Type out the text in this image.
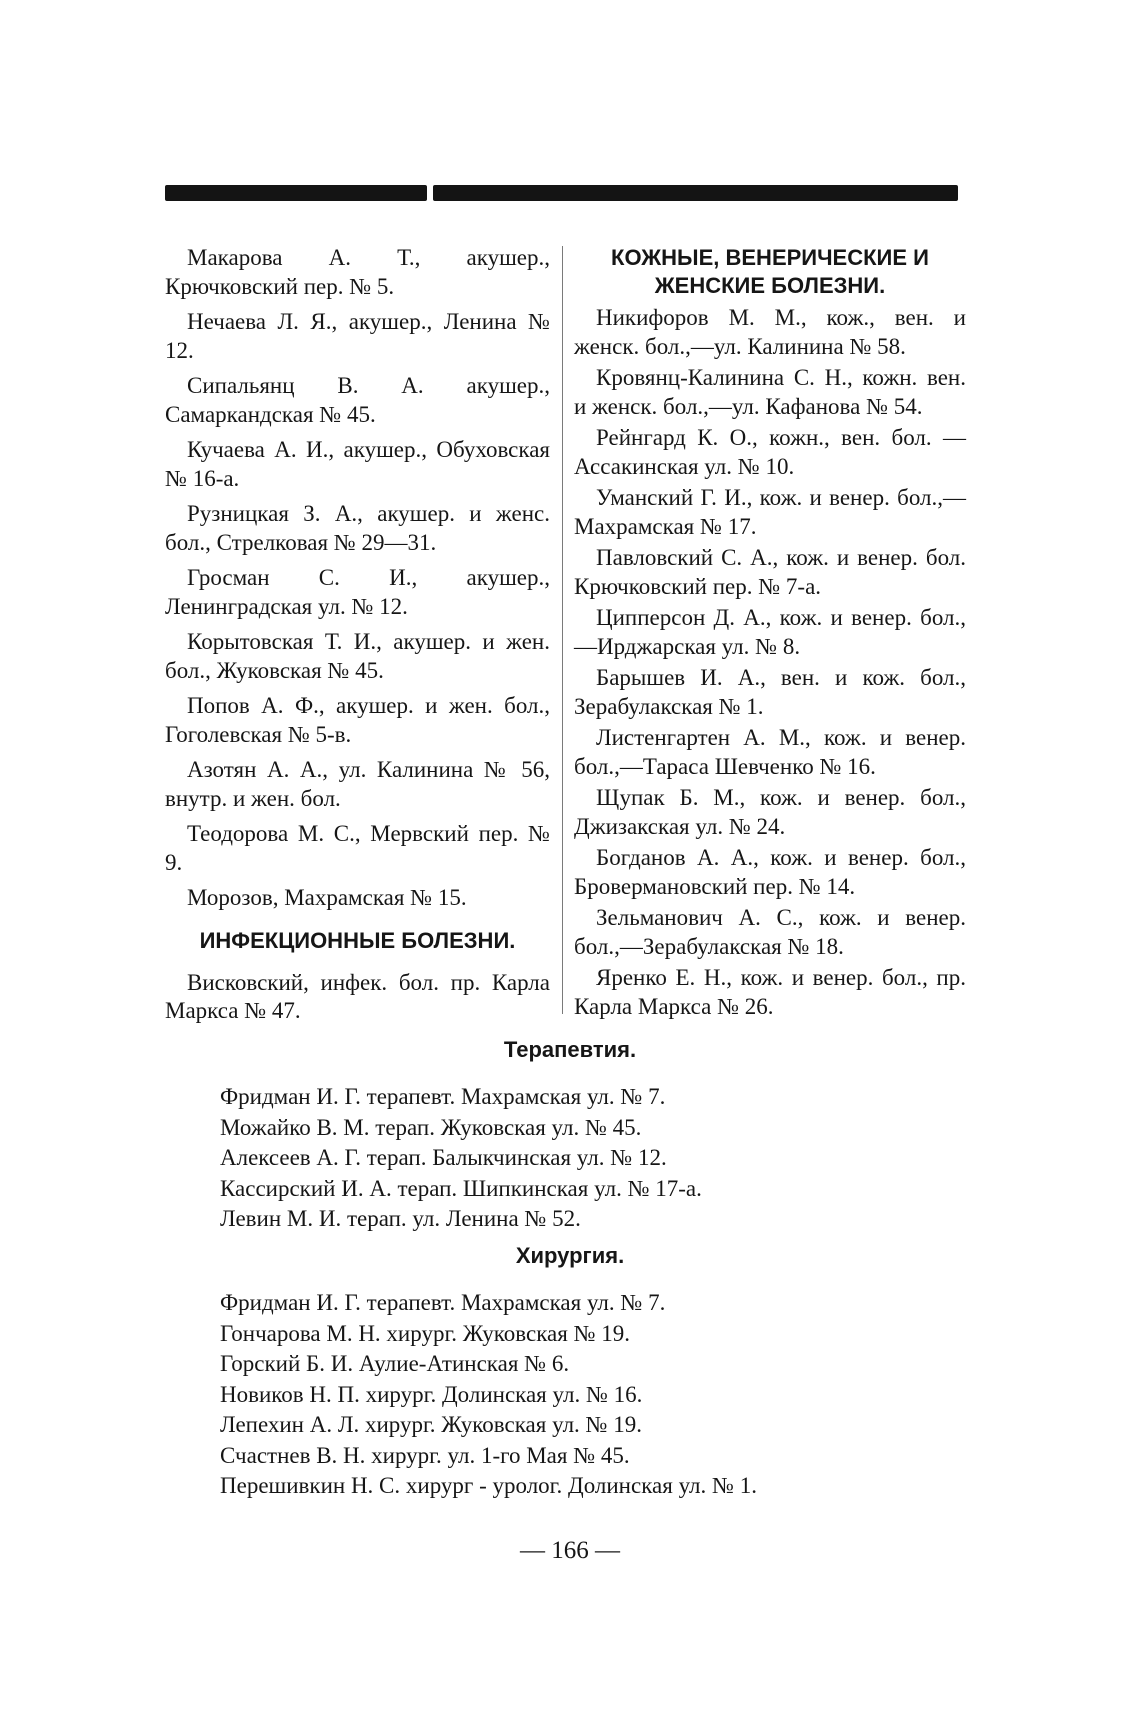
Макарова А. Т., акушер., Крючковский пер. № 5.

Нечаева Л. Я., акушер., Ленина № 12.

Сипальянц В. А. акушер., Самаркандская № 45.

Кучаева А. И., акушер., Обуховская № 16-а.

Рузницкая З. А., акушер. и женс. бол., Стрелковая № 29—31.

Гросман С. И., акушер., Ленинградская ул. № 12.

Корытовская Т. И., акушер. и жен. бол., Жуковская № 45.

Попов А. Ф., акушер. и жен. бол., Гоголевская № 5-в.

Азотян А. А., ул. Калинина № 56, внутр. и жен. бол.

Теодорова М. С., Мервский пер. № 9.

Морозов, Махрамская № 15.

ИНФЕКЦИОННЫЕ БОЛЕЗНИ.

Висковский, инфек. бол. пр. Карла Маркса № 47.

КОЖНЫЕ, ВЕНЕРИЧЕСКИЕ И
ЖЕНСКИЕ БОЛЕЗНИ.

Никифоров М. М., кож., вен. и женск. бол.,—ул. Калинина № 58.

Кровянц-Калинина С. Н., кожн. вен. и женск. бол.,—ул. Кафанова № 54.

Рейнгард К. О., кожн., вен. бол. —Ассакинская ул. № 10.

Уманский Г. И., кож. и венер. бол.,—Махрамская № 17.

Павловский С. А., кож. и венер. бол. Крючковский пер. № 7-а.

Ципперсон Д. А., кож. и венер. бол.,—Ирджарская ул. № 8.

Барышев И. А., вен. и кож. бол., Зерабулакская № 1.

Листенгартен А. М., кож. и венер. бол.,—Тараса Шевченко № 16.

Щупак Б. М., кож. и венер. бол., Джизакская ул. № 24.

Богданов А. А., кож. и венер. бол., Бровермановский пер. № 14.

Зельманович А. С., кож. и венер. бол.,—Зерабулакская № 18.

Яренко Е. Н., кож. и венер. бол., пр. Карла Маркса № 26.

Терапевтия.
Фридман И. Г. терапевт. Махрамская ул. № 7.
Можайко В. М. терап. Жуковская ул. № 45.
Алексеев А. Г. терап. Балыкчинская ул. № 12.
Кассирский И. А. терап. Шипкинская ул. № 17-а.
Левин М. И. терап. ул. Ленина № 52.
Хирургия.
Фридман И. Г. терапевт. Махрамская ул. № 7.
Гончарова М. Н. хирург. Жуковская № 19.
Горский Б. И. Аулие-Атинская № 6.
Новиков Н. П. хирург. Долинская ул. № 16.
Лепехин А. Л. хирург. Жуковская ул. № 19.
Счастнев В. Н. хирург. ул. 1-го Мая № 45.
Перешивкин Н. С. хирург - уролог. Долинская ул. № 1.
— 166 —
